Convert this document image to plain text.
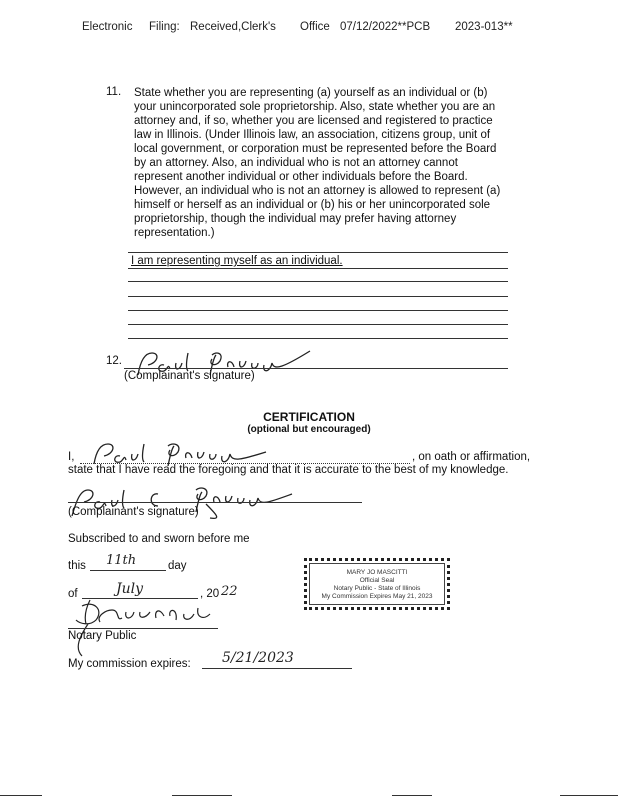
Electronic Filing: Received,Clerk's Office 07/12/2022**PCB 2023-013**
11. State whether you are representing (a) yourself as an individual or (b) your unincorporated sole proprietorship. Also, state whether you are an attorney and, if so, whether you are licensed and registered to practice law in Illinois. (Under Illinois law, an association, citizens group, unit of local government, or corporation must be represented before the Board by an attorney. Also, an individual who is not an attorney cannot represent another individual or other individuals before the Board. However, an individual who is not an attorney is allowed to represent (a) himself or herself as an individual or (b) his or her unincorporated sole proprietorship, though the individual may prefer having attorney representation.)

I am representing myself as an individual.
12.
(Complainant's signature)
CERTIFICATION
(optional but encouraged)
I,	, on oath or affirmation,
state that I have read the foregoing and that it is accurate to the best of my knowledge.
(Complainant's signature)
Subscribed to and sworn before me
this 11th	day
of	July	, 20 22
Notary Public
My commission expires: 5/21/2023
MARY JO MASCITTI
Official Seal
Notary Public - State of Illinois
My Commission Expires May 21, 2023
